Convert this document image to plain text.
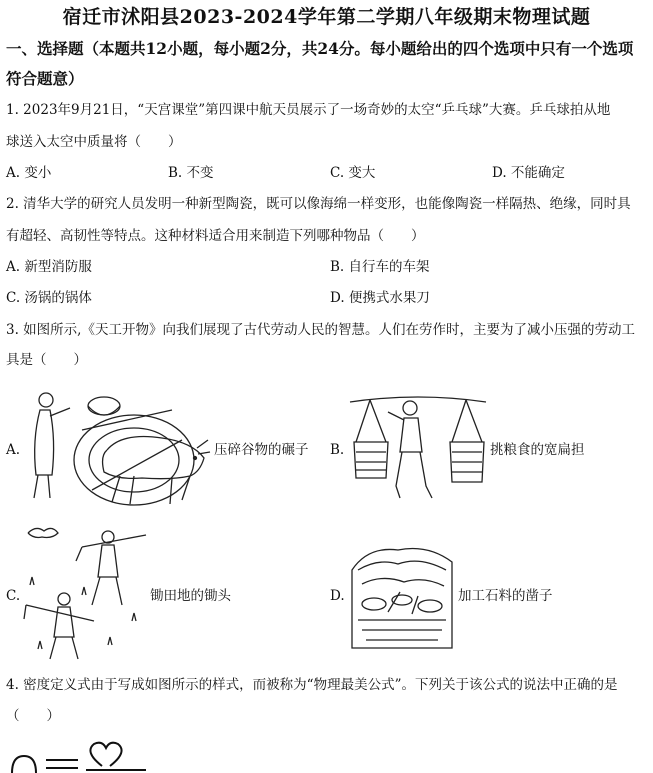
宿迁市沭阳县2023-2024学年第二学期八年级期末物理试题
一、选择题（本题共12小题，每小题2分，共24分。每小题给出的四个选项中只有一个选项
符合题意）
1. 2023年9月21日，“天宫课堂”第四课中航天员展示了一场奇妙的太空“乒乓球”大赛。乒乓球拍从地
球送入太空中质量将（　　）
A. 变小	B. 不变	C. 变大	D. 不能确定
2. 清华大学的研究人员发明一种新型陶瓷，既可以像海绵一样变形，也能像陶瓷一样隔热、绝缘，同时具
有超轻、高韧性等特点。这种材料适合用来制造下列哪种物品（　　）
A. 新型消防服	B. 自行车的车架
C. 汤锅的锅体	D. 便携式水果刀
3. 如图所示,《天工开物》向我们展现了古代劳动人民的智慧。人们在劳作时，主要为了减小压强的劳动工
具是（　　）
A.	压碎谷物的碾子 B.	挑粮食的宽扁担
C.	锄田地的锄头	D.	加工石料的凿子
4. 密度定义式由于写成如图所示的样式，而被称为“物理最美公式”。下列关于该公式的说法中正确的是
（　　）
